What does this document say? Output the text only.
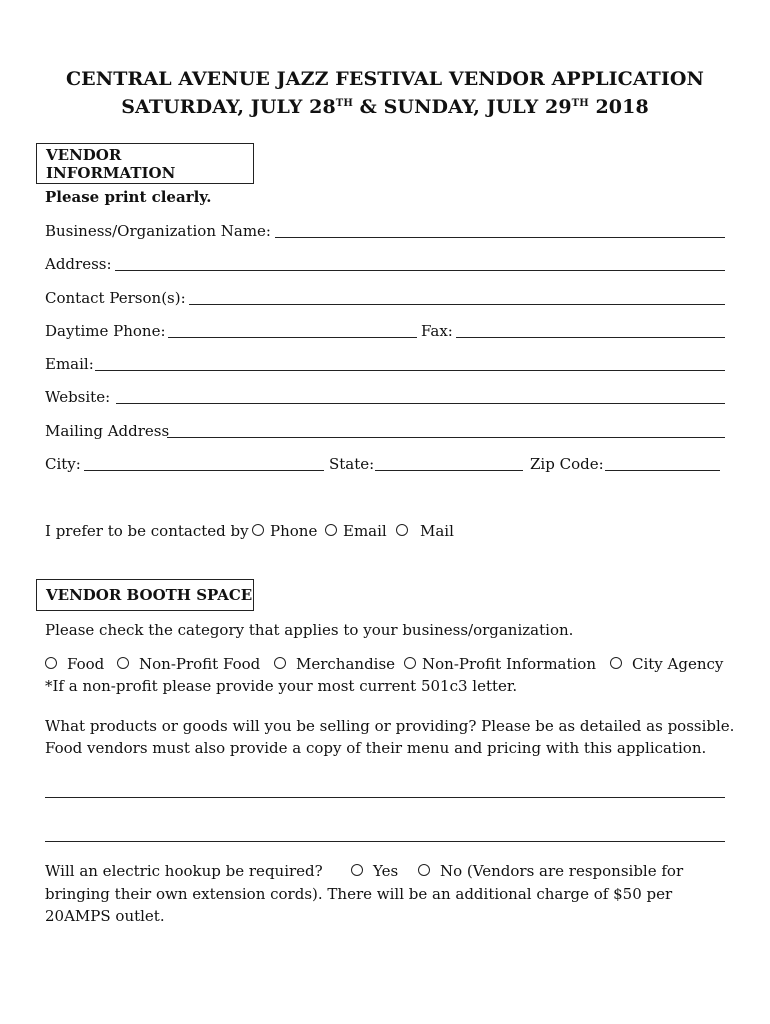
CENTRAL AVENUE JAZZ FESTIVAL VENDOR APPLICATION
SATURDAY, JULY 28TH & SUNDAY, JULY 29TH 2018
VENDOR INFORMATION
Please print clearly.
Business/Organization Name:
Address:
Contact Person(s):
Daytime Phone:	Fax:
Email:
Website:
Mailing Address
City:	State:	Zip Code:
I prefer to be contacted by	Phone	Email	Mail
VENDOR BOOTH SPACE
Please check the category that applies to your business/organization.
Food	Non-Profit Food	Merchandise	Non-Profit Information	City Agency
*If a non-profit please provide your most current 501c3 letter.
What products or goods will you be selling or providing? Please be as detailed as possible.
Food vendors must also provide a copy of their menu and pricing with this application.
Will an electric hookup be required?	Yes	No (Vendors are responsible for
bringing their own extension cords). There will be an additional charge of $50 per
20AMPS outlet.
